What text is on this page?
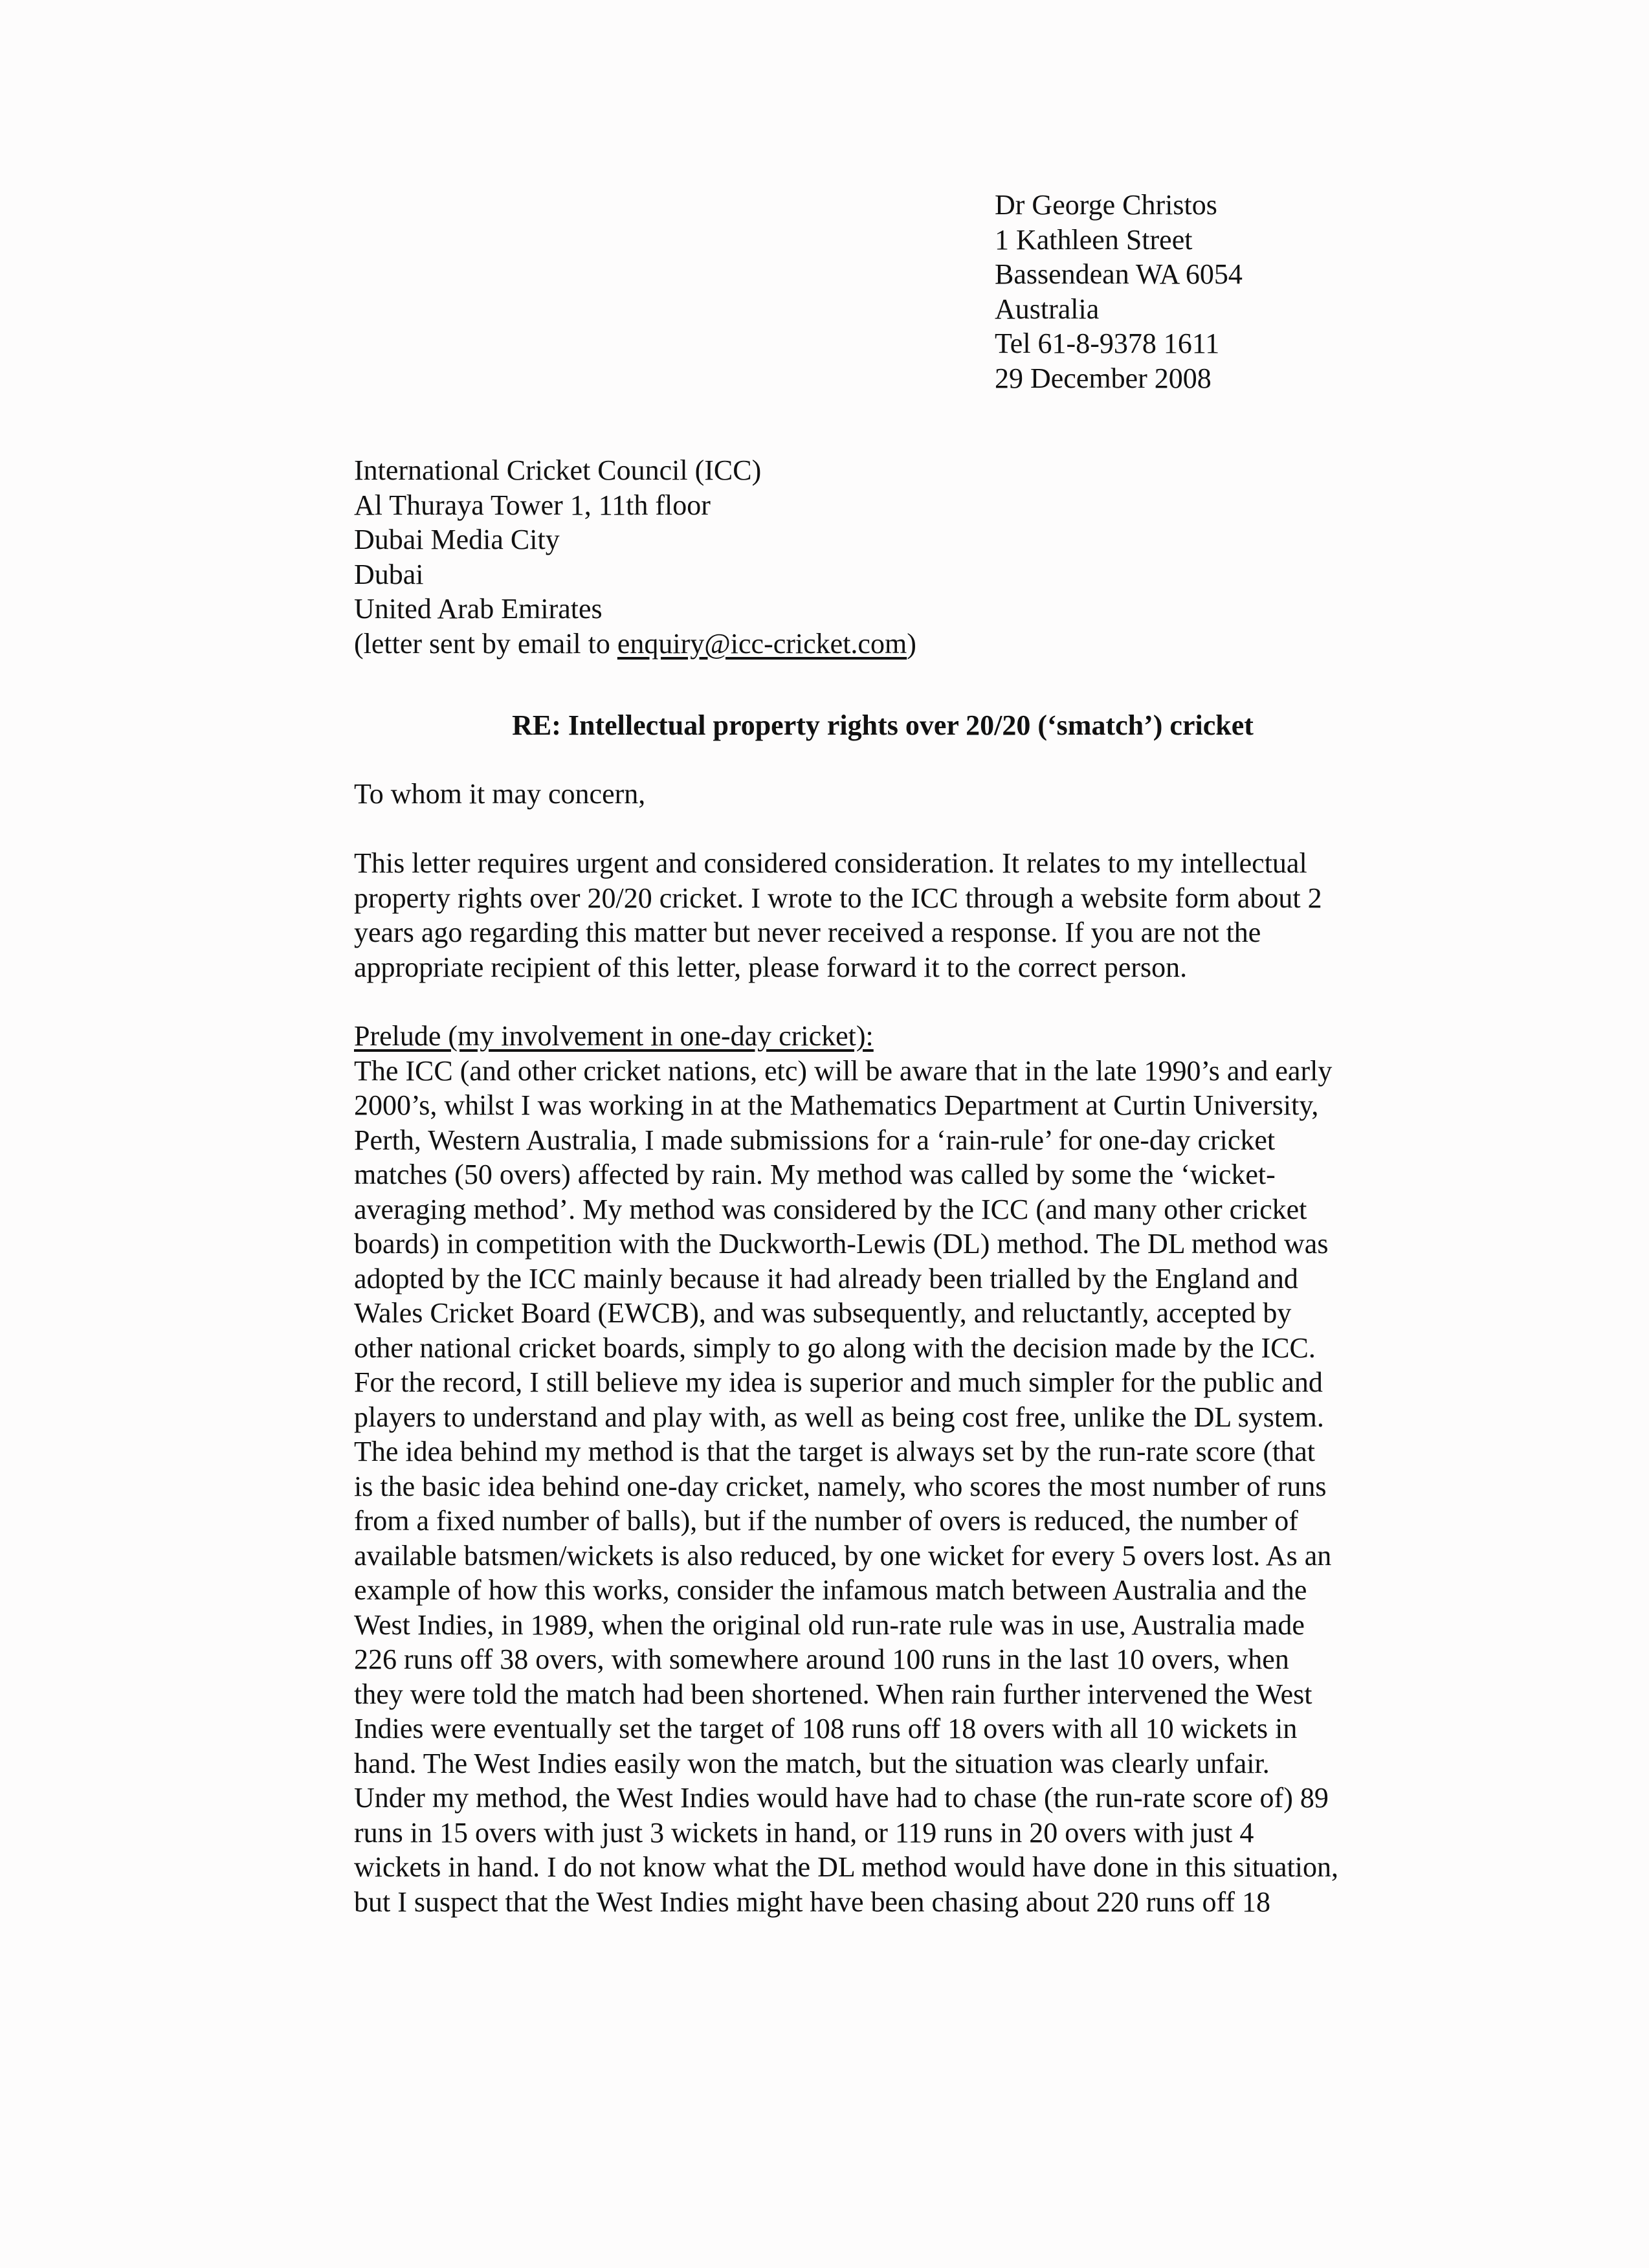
Dr George Christos
1 Kathleen Street
Bassendean WA 6054
Australia
Tel 61-8-9378 1611
29 December 2008
International Cricket Council (ICC)
Al Thuraya Tower 1, 11th floor
Dubai Media City
Dubai
United Arab Emirates
(letter sent by email to enquiry@icc-cricket.com)
RE: Intellectual property rights over 20/20 (‘smatch’) cricket
To whom it may concern,
This letter requires urgent and considered consideration. It relates to my intellectual
property rights over 20/20 cricket. I wrote to the ICC through a website form about 2
years ago regarding this matter but never received a response. If you are not the
appropriate recipient of this letter, please forward it to the correct person.
Prelude (my involvement in one-day cricket):
The ICC (and other cricket nations, etc) will be aware that in the late 1990’s and early
2000’s, whilst I was working in at the Mathematics Department at Curtin University,
Perth, Western Australia, I made submissions for a ‘rain-rule’ for one-day cricket
matches (50 overs) affected by rain. My method was called by some the ‘wicket-
averaging method’. My method was considered by the ICC (and many other cricket
boards) in competition with the Duckworth-Lewis (DL) method. The DL method was
adopted by the ICC mainly because it had already been trialled by the England and
Wales Cricket Board (EWCB), and was subsequently, and reluctantly, accepted by
other national cricket boards, simply to go along with the decision made by the ICC.
For the record, I still believe my idea is superior and much simpler for the public and
players to understand and play with, as well as being cost free, unlike the DL system.
The idea behind my method is that the target is always set by the run-rate score (that
is the basic idea behind one-day cricket, namely, who scores the most number of runs
from a fixed number of balls), but if the number of overs is reduced, the number of
available batsmen/wickets is also reduced, by one wicket for every 5 overs lost. As an
example of how this works, consider the infamous match between Australia and the
West Indies, in 1989, when the original old run-rate rule was in use, Australia made
226 runs off 38 overs, with somewhere around 100 runs in the last 10 overs, when
they were told the match had been shortened. When rain further intervened the West
Indies were eventually set the target of 108 runs off 18 overs with all 10 wickets in
hand. The West Indies easily won the match, but the situation was clearly unfair.
Under my method, the West Indies would have had to chase (the run-rate score of) 89
runs in 15 overs with just 3 wickets in hand, or 119 runs in 20 overs with just 4
wickets in hand. I do not know what the DL method would have done in this situation,
but I suspect that the West Indies might have been chasing about 220 runs off 18
